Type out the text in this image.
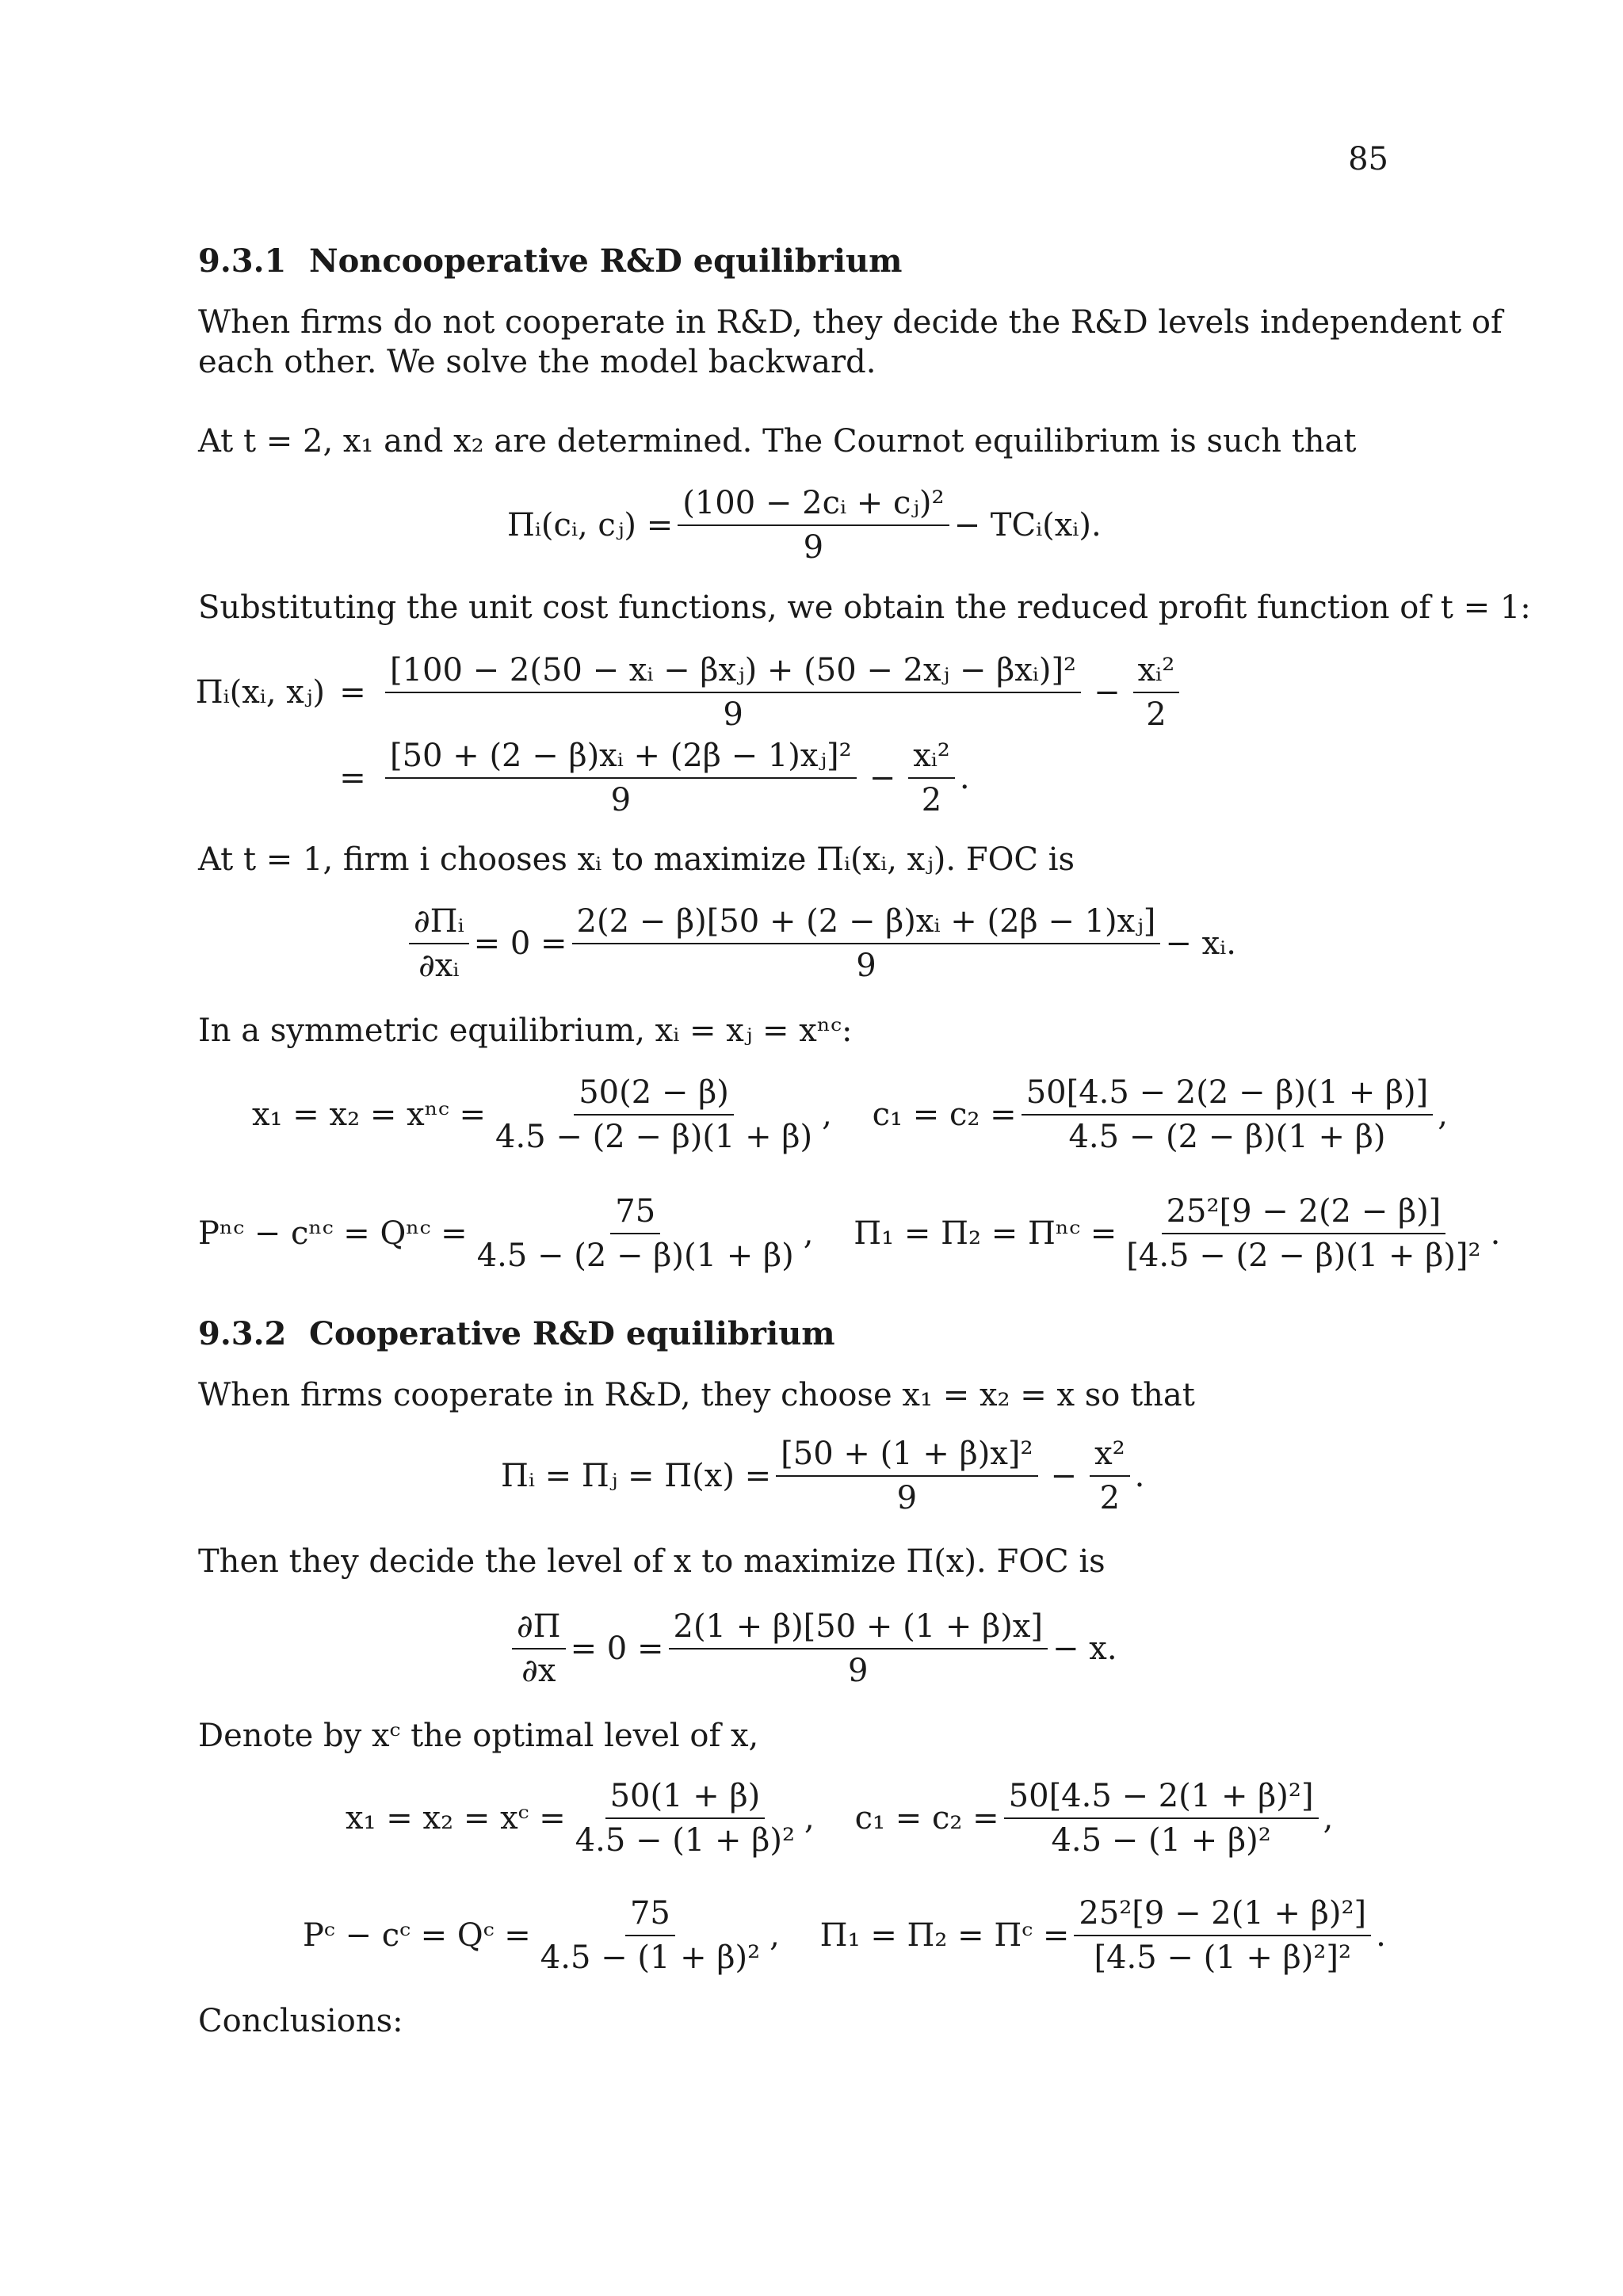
85
9.3.1 Noncooperative R&D equilibrium
When firms do not cooperate in R&D, they decide the R&D levels independent of
each other. We solve the model backward.
At t = 2, x₁ and x₂ are determined. The Cournot equilibrium is such that
Πᵢ(cᵢ, cⱼ) = $\frac{\text{(100 − 2cᵢ + cⱼ)²}}{9}$ − TCᵢ(xᵢ).
Substituting the unit cost functions, we obtain the reduced profit function of t = 1:
Πᵢ(xᵢ, xⱼ) = $\frac{\text{[100 − 2(50 − xᵢ − βxⱼ) + (50 − 2xⱼ − βxᵢ)]²}}{9} - \frac{\text{xᵢ²}}{2}$
= $\frac{\text{[50 + (2 − β)xᵢ + (2β − 1)xⱼ]²}}{9} - \frac{\text{xᵢ²}}{2}$ .
At t = 1, firm i chooses xᵢ to maximize Πᵢ(xᵢ, xⱼ). FOC is
$\frac{\text{∂Πᵢ}}{\text{∂xᵢ}} = 0 = \frac{\text{2(2 − β)[50 + (2 − β)xᵢ + (2β − 1)xⱼ]}}{9}$ − xᵢ.
In a symmetric equilibrium, xᵢ = xⱼ = xⁿᶜ:
x₁ = x₂ = xⁿᶜ = $\frac{50(2 - \beta)}{4.5 - (2 - \beta)(1 + \beta)}$ ,    $c_1 = c_2 = \frac{50[4.5 - 2(2 - \beta)(1 + \beta)]}{4.5 - (2 - \beta)(1 + \beta)}$ ,
Pⁿᶜ − cⁿᶜ = Qⁿᶜ = $\frac{75}{4.5 - (2 - \beta)(1 + \beta)}$ ,    Π₁ = Π₂ = Πⁿᶜ = $\frac{\text{25²[9 − 2(2 − β)]}}{\text{[4.5 − (2 − β)(1 + β)]²}}$ .
9.3.2 Cooperative R&D equilibrium
When firms cooperate in R&D, they choose x₁ = x₂ = x so that
Πᵢ = Πⱼ = $\Pi(x) = \frac{\text{[50 + (1 + β)x]²}}{9} - \frac{\text{x²}}{2}$ .
Then they decide the level of x to maximize Π(x). FOC is
$\frac{\partial\Pi}{\partial x} = 0 = \frac{2(1 + \beta)[50 + (1 + \beta)x]}{9} - x$.
Denote by xᶜ the optimal level of x,
x₁ = x₂ = xᶜ = $\frac{50(1 + \beta)}{\text{4.5 − (1 + β)²}}$ ,    $c_1 = c_2 = \frac{\text{50[4.5 − 2(1 + β)²]}}{\text{4.5 − (1 + β)²}}$ ,
Pᶜ − cᶜ = Qᶜ = $\frac{75}{\text{4.5 − (1 + β)²}}$ ,    Π₁ = Π₂ = Πᶜ = $\frac{\text{25²[9 − 2(1 + β)²]}}{\text{[4.5 − (1 + β)²]²}}$ .
Conclusions:
